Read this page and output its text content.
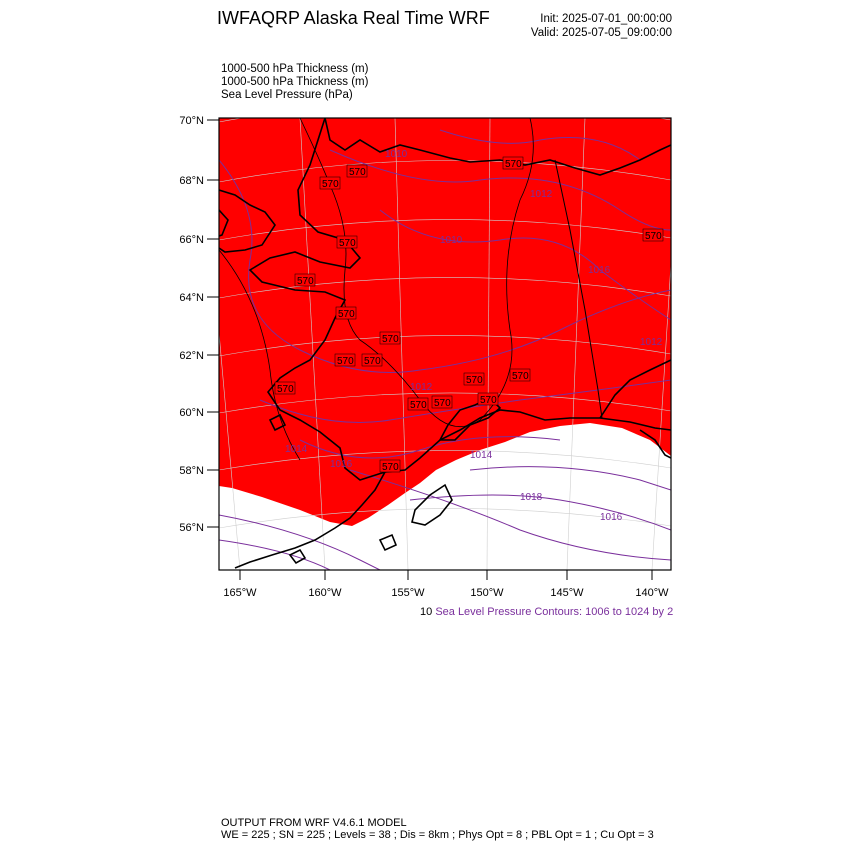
IWFAQRP Alaska Real Time WRF	Init: 2025-07-01_00:00:00
Valid: 2025-07-05_09:00:00
1000-500 hPa Thickness (m)
1000-500 hPa Thickness (m)
Sea Level Pressure (hPa)
570
570
570
570
570
570
570
570 570
570	570
570 570	570
570
570
570
1010
1010
1012
1012
1012
1014
1014
1016
1016
1016
1018
70°N
68°N
66°N
64°N
62°N
60°N
58°N
56°N
165°W	160°W	155°W	150°W	145°W	140°W
10 Sea Level Pressure Contours: 1006 to 1024 by 2
OUTPUT FROM WRF V4.6.1 MODEL
WE = 225 ; SN = 225 ; Levels = 38 ; Dis = 8km ; Phys Opt = 8 ; PBL Opt = 1 ; Cu Opt = 3
